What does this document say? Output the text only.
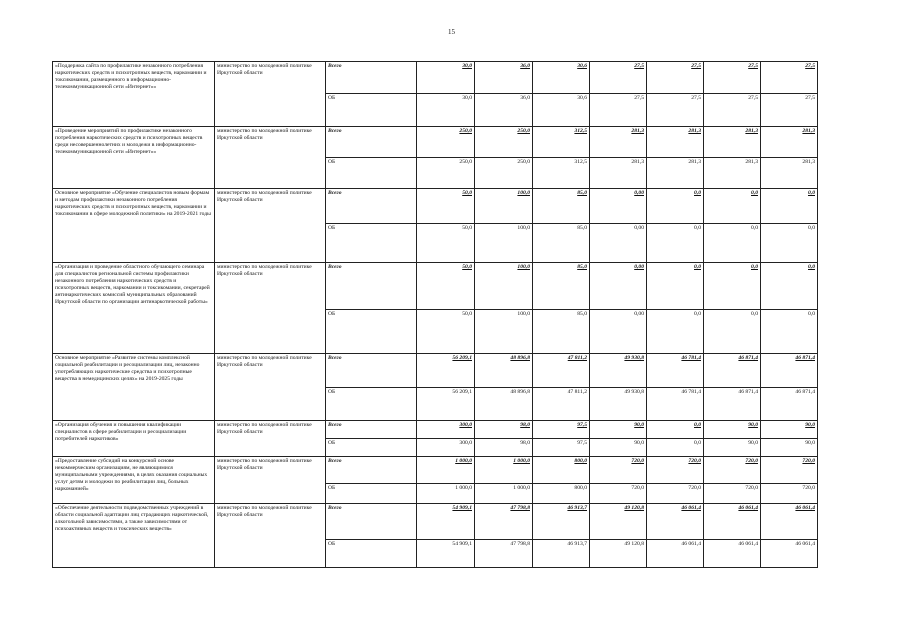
15
«Поддержка сайта по профилактике незаконного потребления наркотических средств и психотропных веществ, наркомании и токсикомании, размещенного в информационно-телекоммуникационной сети «Интернет»»	министерство по молодежной политике Иркутской области	Всего	30,0	36,0	30,6	27,5	27,5	27,5	27,5
		ОБ	30,0	36,0	30,6	27,5	27,5	27,5	27,5
«Проведение мероприятий по профилактике незаконного потребления наркотических средств и психотропных веществ среди несовершеннолетних и молодежи в информационно-телекоммуникационной сети «Интернет»»	министерство по молодежной политике Иркутской области	Всего	250,0	250,0	312,5	281,3	281,3	281,3	281,3
		ОБ	250,0	250,0	312,5	281,3	281,3	281,3	281,3
Основное мероприятие «Обучение специалистов новым формам и методам профилактики незаконного потребления наркотических средств и психотропных веществ, наркомании и токсикомании в сфере молодежной политики» на 2019-2021 годы	министерство по молодежной политике Иркутской области	Всего	50,0	100,0	85,0	0,00	0,0	0,0	0,0
		ОБ	50,0	100,0	85,0	0,00	0,0	0,0	0,0
«Организация и проведение областного обучающего семинара для специалистов региональной системы профилактики незаконного потребления наркотических средств и психотропных веществ, наркомании и токсикомании, секретарей антинаркотических комиссий муниципальных образований Иркутской области по организации антинаркотической работы»	министерство по молодежной политике Иркутской области	Всего	50,0	100,0	85,0	0,00	0,0	0,0	0,0
		ОБ	50,0	100,0	85,0	0,00	0,0	0,0	0,0
Основное мероприятие «Развитие системы комплексной социальной реабилитации и ресоциализации лиц, незаконно употребляющих наркотические средства и психотропные вещества в немедицинских целях» на 2019-2025 годы	министерство по молодежной политике Иркутской области	Всего	56 209,1	48 896,8	47 811,2	49 930,8	46 781,4	46 871,4	46 871,4
		ОБ	56 209,1	48 896,8	47 811,2	49 930,8	46 781,4	46 871,4	46 871,4
«Организация обучения и повышения квалификации специалистов в сфере реабилитации и ресоциализации потребителей наркотиков»	министерство по молодежной политике Иркутской области	Всего	300,0	98,0	97,5	90,0	0,0	90,0	90,0
		ОБ	300,0	98,0	97,5	90,0	0,0	90,0	90,0
«Предоставление субсидий на конкурсной основе некоммерческим организациям, не являющимися муниципальными учреждениями, в целях оказания социальных услуг детям и молодежи по реабилитации лиц, больных наркоманией»	министерство по молодежной политике Иркутской области	Всего	1 000,0	1 000,0	800,0	720,0	720,0	720,0	720,0
		ОБ	1 000,0	1 000,0	800,0	720,0	720,0	720,0	720,0
«Обеспечение деятельности подведомственных учреждений в области социальной адаптации лиц страдающих наркотической, алкогольной зависимостями, а также зависимостями от психоактивных веществ и токсических веществ»	министерство по молодежной политике Иркутской области	Всего	54 909,1	47 798,8	46 913,7	49 120,8	46 061,4	46 061,4	46 061,4
		ОБ	54 909,1	47 798,8	46 913,7	49 120,8	46 061,4	46 061,4	46 061,4
